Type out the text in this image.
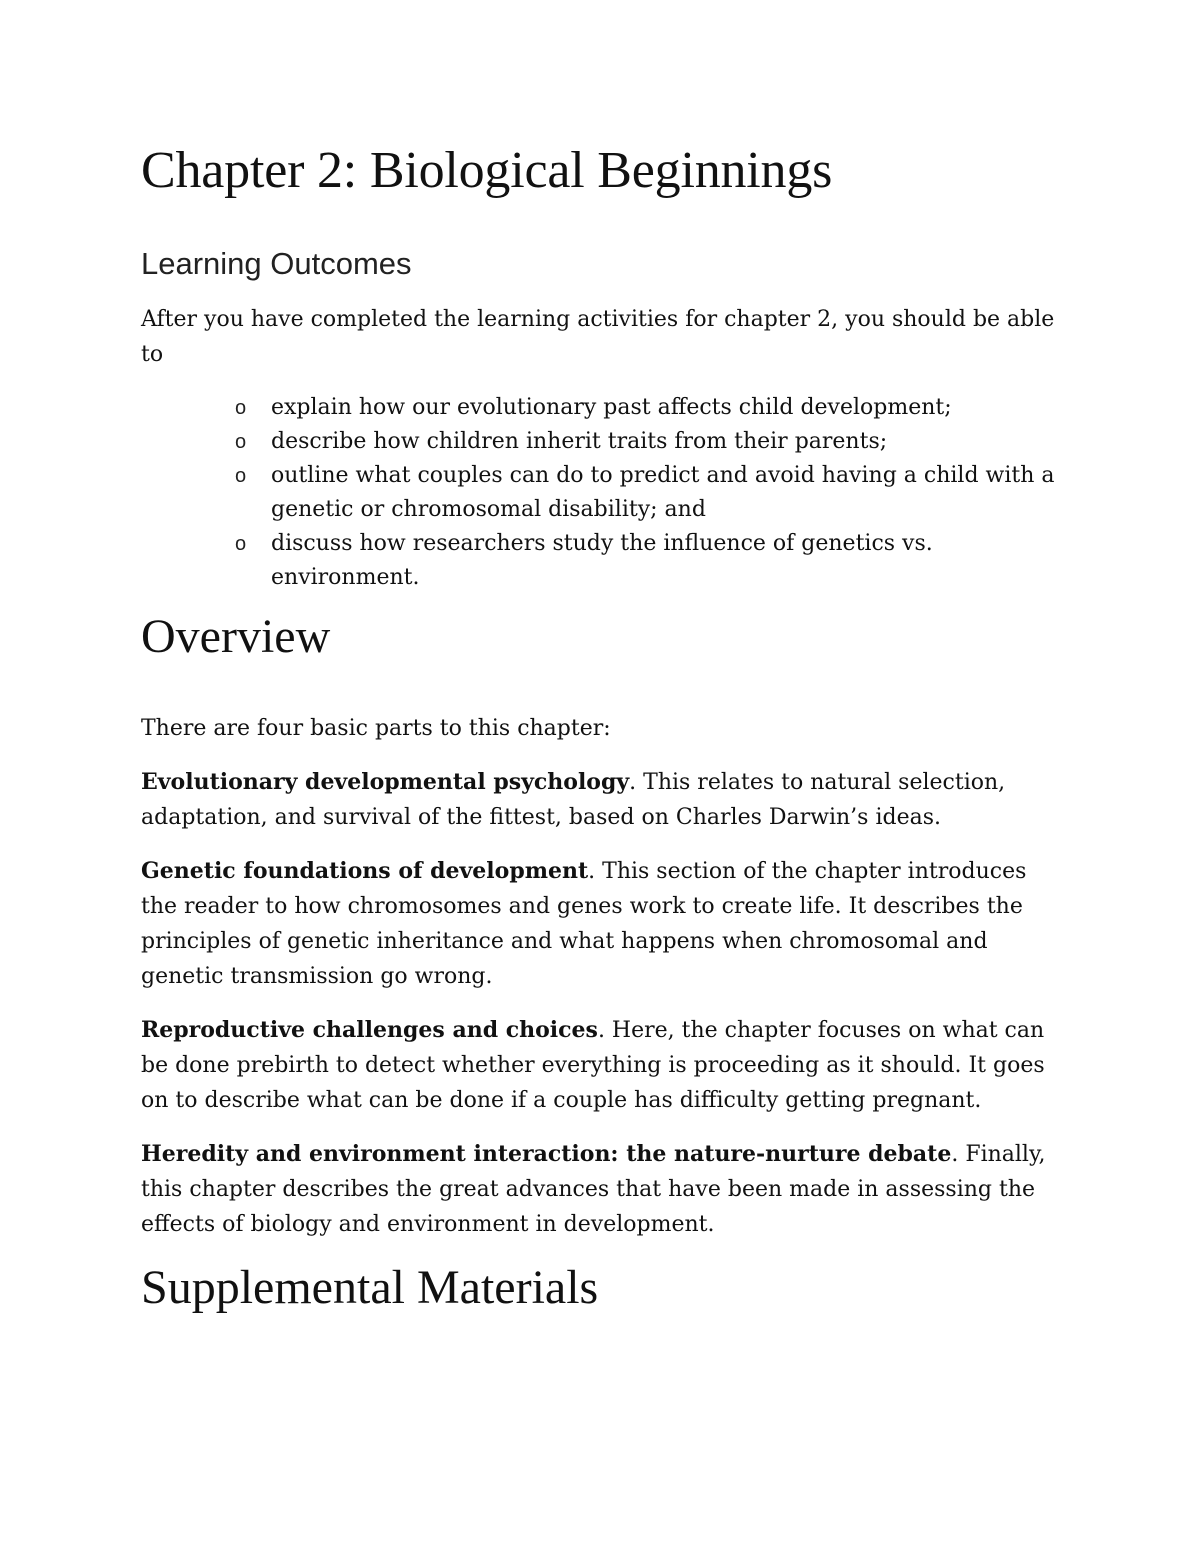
Chapter 2: Biological Beginnings
Learning Outcomes

After you have completed the learning activities for chapter 2, you should be able to

o explain how our evolutionary past affects child development;
o describe how children inherit traits from their parents;
o outline what couples can do to predict and avoid having a child with a genetic or chromosomal disability; and
o discuss how researchers study the influence of genetics vs. environment.
Overview

There are four basic parts to this chapter:

Evolutionary developmental psychology. This relates to natural selection, adaptation, and survival of the fittest, based on Charles Darwin’s ideas.

Genetic foundations of development. This section of the chapter introduces the reader to how chromosomes and genes work to create life. It describes the principles of genetic inheritance and what happens when chromosomal and genetic transmission go wrong.

Reproductive challenges and choices. Here, the chapter focuses on what can be done prebirth to detect whether everything is proceeding as it should. It goes on to describe what can be done if a couple has difficulty getting pregnant.

Heredity and environment interaction: the nature-nurture debate. Finally, this chapter describes the great advances that have been made in assessing the effects of biology and environment in development.

Supplemental Materials
